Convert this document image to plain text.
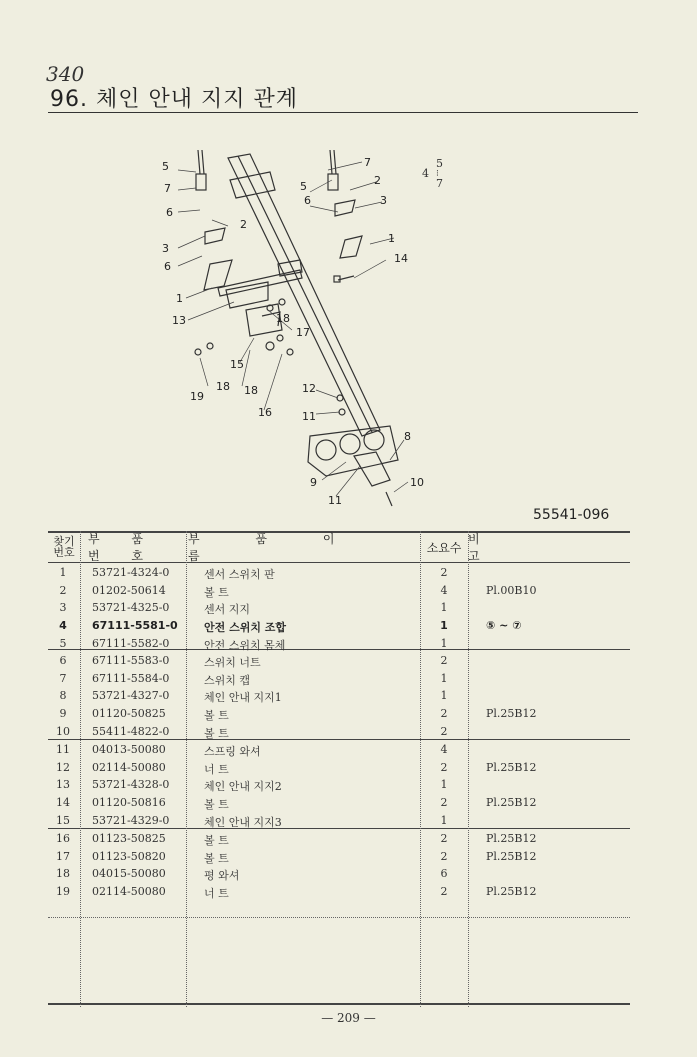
340
96. 체인 안내 지지 관계
5
7
6
2
3
6
1
13
15
18
19	18
16
17
18
14
1
3
6
5
7
2
12
11
9
11
8
10
4
5
⁝
7
55541-096
찾기 번호
부 품 번 호
부 품 이 름
소요수
비 고
1	53721-4324-0	센서 스위치 판	2
2	01202-50614	볼 트	4	Pl.00B10
3	53721-4325-0	센서 지지	1
4	67111-5581-0 안전 스위치 조합	1	⑤ ~ ⑦
5	67111-5582-0	안전 스위치 몸체	1
6	67111-5583-0	스위치 너트	2
7	67111-5584-0	스위치 캡	1
8	53721-4327-0	체인 안내 지지1	1
9	01120-50825	볼 트	2	Pl.25B12
10	55411-4822-0	볼 트	2
11	04013-50080	스프링 와셔	4
12	02114-50080	너 트	2	Pl.25B12
13	53721-4328-0	체인 안내 지지2	1
14	01120-50816	볼 트	2	Pl.25B12
15	53721-4329-0	체인 안내 지지3	1
16	01123-50825	볼 트	2	Pl.25B12
17	01123-50820	볼 트	2	Pl.25B12
18	04015-50080	평 와셔	6
19	02114-50080	너 트	2	Pl.25B12
— 209 —
